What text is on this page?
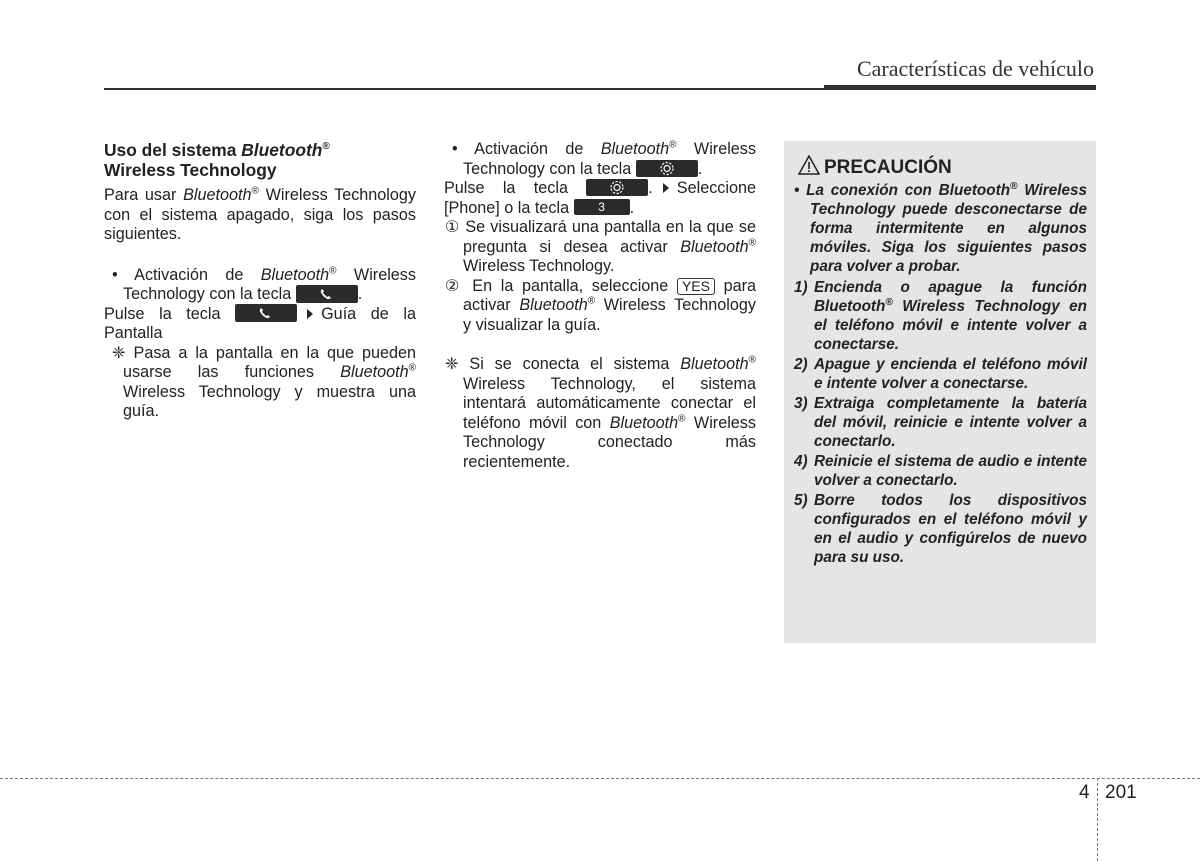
Características de vehículo
Uso del sistema Bluetooth®
Wireless Technology

Para usar Bluetooth® Wireless Technology con el sistema apagado, siga los pasos siguientes.

• Activación de Bluetooth® Wireless Technology con la tecla	.

Pulse la tecla	Guía de la Pantalla

❈ Pasa a la pantalla en la que pueden usarse las funciones Bluetooth® Wireless Technology y muestra una guía.

• Activación de Bluetooth® Wireless Technology con la tecla	.

Pulse la tecla	. Seleccione [Phone] o la tecla 3 .

① Se visualizará una pantalla en la que se pregunta si desea activar Bluetooth® Wireless Technology.

② En la pantalla, seleccione YES para activar Bluetooth® Wireless Technology y visualizar la guía.

❈ Si se conecta el sistema Bluetooth® Wireless Technology, el sistema intentará automáticamente conectar el teléfono móvil con Bluetooth® Wireless Technology conectado más recientemente.

PRECAUCIÓN

• La conexión con Bluetooth® Wireless Technology puede desconectarse de forma intermitente en algunos móviles. Siga los siguientes pasos para volver a probar.

1) Encienda o apague la función Bluetooth® Wireless Technology en el teléfono móvil e intente volver a conectarse.

2) Apague y encienda el teléfono móvil e intente volver a conectarse.

3) Extraiga completamente la batería del móvil, reinicie e intente volver a conectarlo.

4) Reinicie el sistema de audio e intente volver a conectarlo.

5) Borre todos los dispositivos configurados en el teléfono móvil y en el audio y configúrelos de nuevo para su uso.

4 201
